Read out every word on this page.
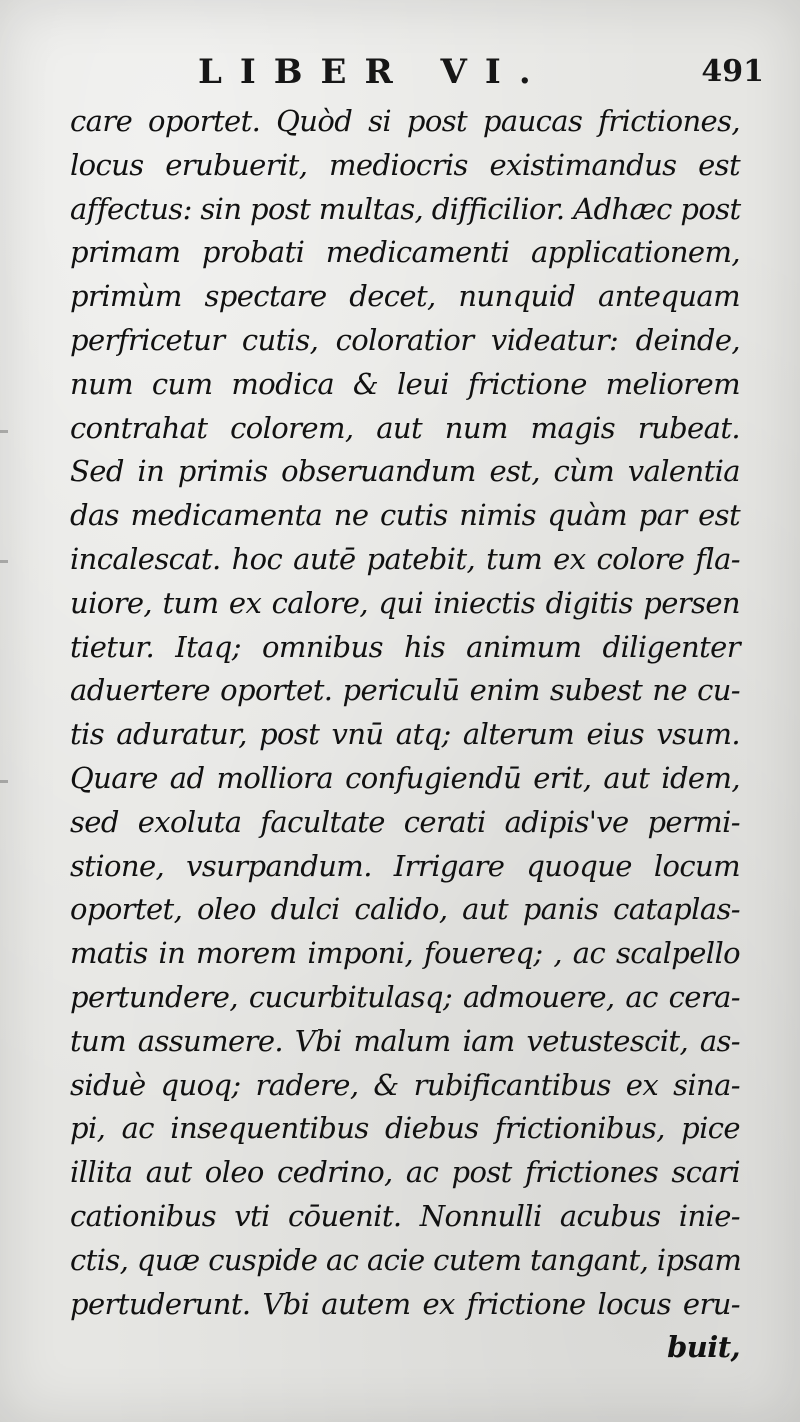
LIBER VI.	491
care oportet. Quòd si post paucas frictiones,
locus erubuerit, mediocris existimandus est
affectus: sin post multas, difficilior. Adhæc post
primam probati medicamenti applicationem,
primùm spectare decet, nunquid antequam
perfricetur cutis, coloratior videatur: deinde,
num cum modica & leui frictione meliorem
contrahat colorem, aut num magis rubeat.
Sed in primis obseruandum est, cùm valentia
das medicamenta ne cutis nimis quàm par est
incalescat. hoc autē patebit, tum ex colore fla-
uiore, tum ex calore, qui iniectis digitis persen
tietur. Itaq; omnibus his animum diligenter
aduertere oportet. periculū enim subest ne cu-
tis aduratur, post vnū atq; alterum eius vsum.
Quare ad molliora confugiendū erit, aut idem,
sed exoluta facultate cerati adipis've permi-
stione, vsurpandum. Irrigare quoque locum
oportet, oleo dulci calido, aut panis cataplas-
matis in morem imponi, fouereq; , ac scalpello
pertundere, cucurbitulasq; admouere, ac cera-
tum assumere. Vbi malum iam vetustescit, as-
siduè quoq; radere, & rubificantibus ex sina-
pi, ac insequentibus diebus frictionibus, pice
illita aut oleo cedrino, ac post frictiones scari
cationibus vti cōuenit. Nonnulli acubus inie-
ctis, quæ cuspide ac acie cutem tangant, ipsam
pertuderunt. Vbi autem ex frictione locus eru-
buit,
